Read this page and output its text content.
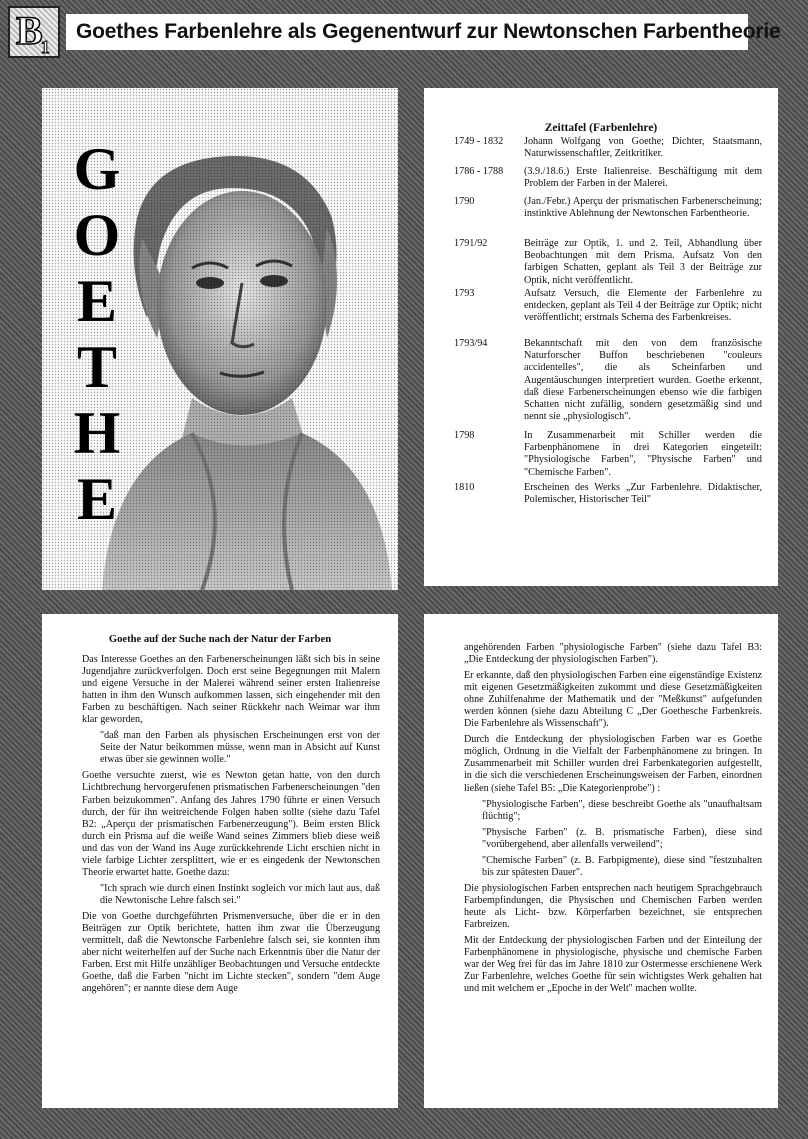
$B_1$
Goethes Farbenlehre als Gegenentwurf zur Newtonschen Farbentheorie
G
O
E
T
H
E
Zeittafel (Farbenlehre)
1749 - 1832 Johann Wolfgang von Goethe; Dichter, Staatsmann, Naturwissenschaftler, Zeitkritiker.
1786 - 1788 (3.9./18.6.) Erste Italienreise. Beschäftigung mit dem Problem der Farben in der Malerei.
1790	(Jan./Febr.) Aperçu der prismatischen Farbenerscheinung; instinktive Ablehnung der Newtonschen Farbentheorie.
1791/92	Beiträge zur Optik, 1. und 2. Teil, Abhandlung über Beobachtungen mit dem Prisma. Aufsatz Von den farbigen Schatten, geplant als Teil 3 der Beiträge zur Optik, nicht veröffentlicht.
1793	Aufsatz Versuch, die Elemente der Farbenlehre zu entdecken, geplant als Teil 4 der Beiträge zur Optik; nicht veröffentlicht; erstmals Schema des Farbenkreises.
1793/94	Bekanntschaft mit den von dem französische Naturforscher Buffon beschriebenen "couleurs accidentelles", die als Scheinfarben und Augentäuschungen interpretiert wurden. Goethe erkennt, daß diese Farbenerscheinungen ebenso wie die farbigen Schatten nicht zufällig, sondern gesetzmäßig sind und nennt sie „physiologisch".
1798	In Zusammenarbeit mit Schiller werden die Farbenphänomene in drei Kategorien eingeteilt: "Physiologische Farben", "Physische Farben" und "Chemische Farben".
1810	Erscheinen des Werks „Zur Farbenlehre. Didaktischer, Polemischer, Historischer Teil"
Goethe auf der Suche nach der Natur der Farben

Das Interesse Goethes an den Farbenerscheinungen läßt sich bis in seine Jugendjahre zurückverfolgen. Doch erst seine Begegnungen mit Malern und eigene Versuche in der Malerei während seiner ersten Italienreise hatten in ihm den Wunsch aufkommen lassen, sich eingehender mit den Farben zu beschäftigen. Nach seiner Rückkehr nach Weimar war ihm klar geworden,

"daß man den Farben als physischen Erscheinungen erst von der Seite der Natur beikommen müsse, wenn man in Absicht auf Kunst etwas über sie gewinnen wolle."

Goethe versuchte zuerst, wie es Newton getan hatte, von den durch Lichtbrechung hervorgerufenen prismatischen Farbenerscheinungen "den Farben beizukommen". Anfang des Jahres 1790 führte er einen Versuch durch, der für ihn weitreichende Folgen haben sollte (siehe dazu Tafel B2: „Aperçu der prismatischen Farbenerzeugung"). Beim ersten Blick durch ein Prisma auf die weiße Wand seines Zimmers blieb diese weiß und das von der Wand ins Auge zurückkehrende Licht erschien nicht in viele farbige Lichter zersplittert, wie er es eingedenk der Newtonschen Theorie erwartet hatte. Goethe dazu:

"Ich sprach wie durch einen Instinkt sogleich vor mich laut aus, daß die Newtonische Lehre falsch sei."

Die von Goethe durchgeführten Prismenversuche, über die er in den Beiträgen zur Optik berichtete, hatten ihm zwar die Überzeugung vermittelt, daß die Newtonsche Farbenlehre falsch sei, sie konnten ihm aber nicht weiterhelfen auf der Suche nach Erkenntnis über die Natur der Farben. Erst mit Hilfe unzähliger Beobachtungen und Versuche entdeckte Goethe, daß die Farben "nicht im Lichte stecken", sondern "dem Auge angehören"; er nannte diese dem Auge

angehörenden Farben "physiologische Farben" (siehe dazu Tafel B3: „Die Entdeckung der physiologischen Farben").

Er erkannte, daß den physiologischen Farben eine eigenständige Existenz mit eigenen Gesetzmäßigkeiten zukommt und diese Gesetzmäßigkeiten ohne Zuhilfenahme der Mathematik und der "Meßkunst" aufgefunden werden können (siehe dazu Abteilung C „Der Goethesche Farbenkreis. Die Farbenlehre als Wissenschaft").

Durch die Entdeckung der physiologischen Farben war es Goethe möglich, Ordnung in die Vielfalt der Farbenphänomene zu bringen. In Zusammenarbeit mit Schiller wurden drei Farbenkategorien aufgestellt, in die sich die verschiedenen Erscheinungsweisen der Farben, einordnen ließen (siehe Tafel B5: „Die Kategorienprobe") :

"Physiologische Farben", diese beschreibt Goethe als "unaufhaltsam flüchtig";

"Physische Farben" (z. B. prismatische Farben), diese sind "vorübergehend, aber allenfalls verweilend";

"Chemische Farben" (z. B. Farbpigmente), diese sind "festzuhalten bis zur spätesten Dauer".

Die physiologischen Farben entsprechen nach heutigem Sprachgebrauch Farbempfindungen, die Physischen und Chemischen Farben werden heute als Licht- bzw. Körperfarben bezeichnet, sie entsprechen Farbreizen.

Mit der Entdeckung der physiologischen Farben und der Einteilung der Farbenphänomene in physiologische, physische und chemische Farben war der Weg frei für das im Jahre 1810 zur Ostermesse erschienene Werk Zur Farbenlehre, welches Goethe für sein wichtigstes Werk gehalten hat und mit welchem er „Epoche in der Welt" machen wollte.
